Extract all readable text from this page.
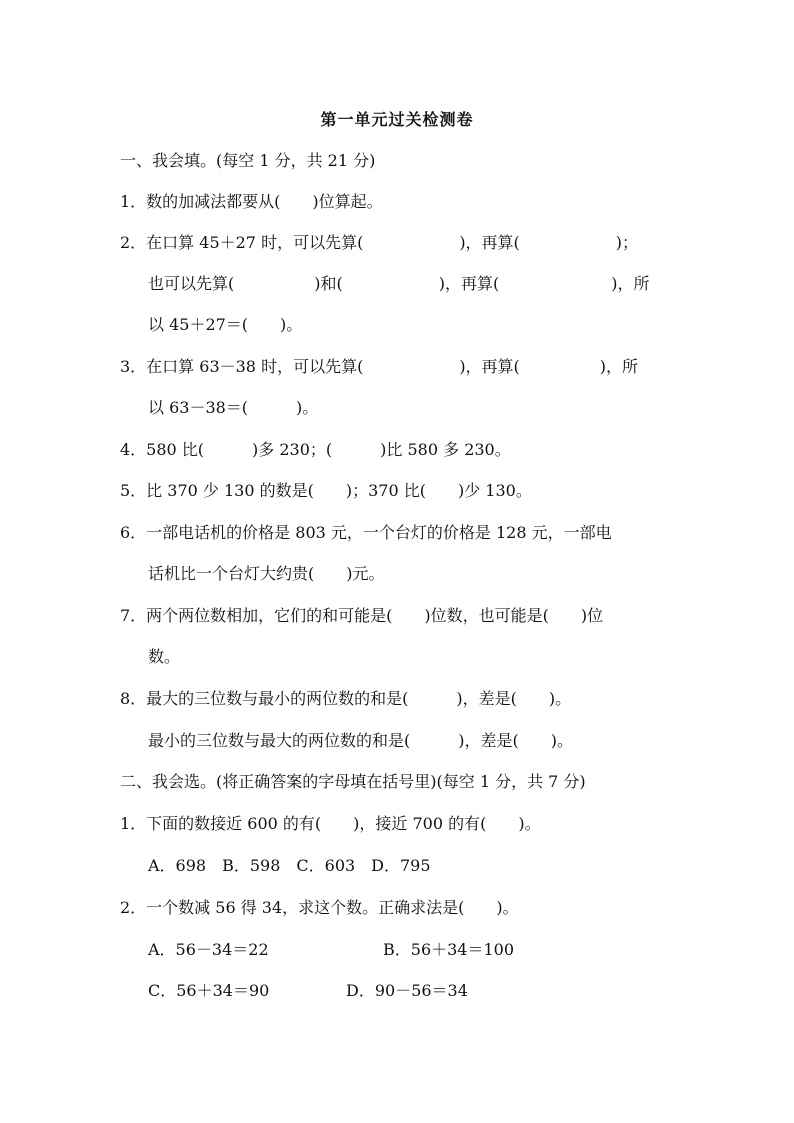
第一单元过关检测卷
一、我会填。(每空 1 分，共 21 分)
1．数的加减法都要从(　　)位算起。
2．在口算 45＋27 时，可以先算(　　　　　　)，再算(　　　　　　)；
也可以先算(　　　　　)和(　　　　　　)，再算(　　　　　　　)，所
以 45＋27＝(　　)。
3．在口算 63－38 时，可以先算(　　　　　　)，再算(　　　　　)，所
以 63－38＝(　　　)。
4．580 比(　　　)多 230；(　　　)比 580 多 230。
5．比 370 少 130 的数是(　　)；370 比(　　)少 130。
6．一部电话机的价格是 803 元，一个台灯的价格是 128 元，一部电
话机比一个台灯大约贵(　　)元。
7．两个两位数相加，它们的和可能是(　　)位数，也可能是(　　)位
数。
8．最大的三位数与最小的两位数的和是(　　　)，差是(　　)。
最小的三位数与最大的两位数的和是(　　　)，差是(　　)。
二、我会选。(将正确答案的字母填在括号里)(每空 1 分，共 7 分)
1．下面的数接近 600 的有(　　)，接近 700 的有(　　)。
A．698　B．598　C．603　D．795
2．一个数减 56 得 34，求这个数。正确求法是(　　)。
A．56－34＝22	B．56＋34＝100
C．56＋34＝90	D．90－56＝34
